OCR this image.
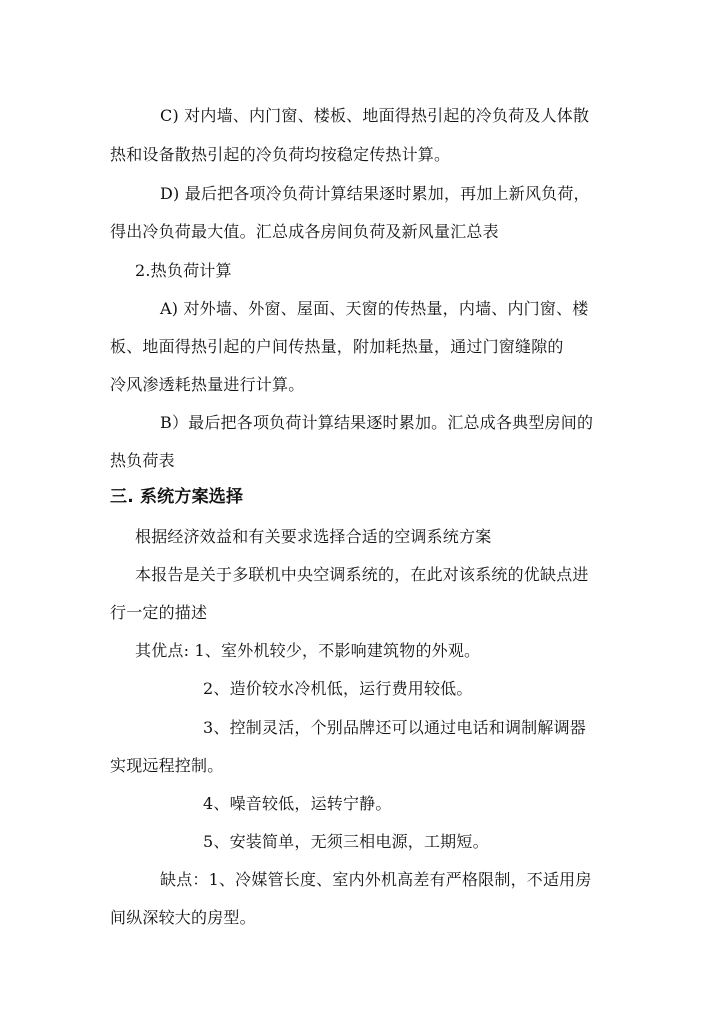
C) 对内墙、内门窗、楼板、地面得热引起的冷负荷及人体散
热和设备散热引起的冷负荷均按稳定传热计算。
D) 最后把各项冷负荷计算结果逐时累加，再加上新风负荷，
得出冷负荷最大值。汇总成各房间负荷及新风量汇总表
2.热负荷计算
A) 对外墙、外窗、屋面、天窗的传热量，内墙、内门窗、楼
板、地面得热引起的户间传热量，附加耗热量，通过门窗缝隙的
冷风渗透耗热量进行计算。
B）最后把各项负荷计算结果逐时累加。汇总成各典型房间的
热负荷表
三. 系统方案选择
根据经济效益和有关要求选择合适的空调系统方案
本报告是关于多联机中央空调系统的，在此对该系统的优缺点进
行一定的描述
其优点: 1、室外机较少，不影响建筑物的外观。
2、造价较水冷机低，运行费用较低。
3、控制灵活，个别品牌还可以通过电话和调制解调器
实现远程控制。
4、噪音较低，运转宁静。
5、安装简单，无须三相电源，工期短。
缺点：1、冷媒管长度、室内外机高差有严格限制，不适用房
间纵深较大的房型。
